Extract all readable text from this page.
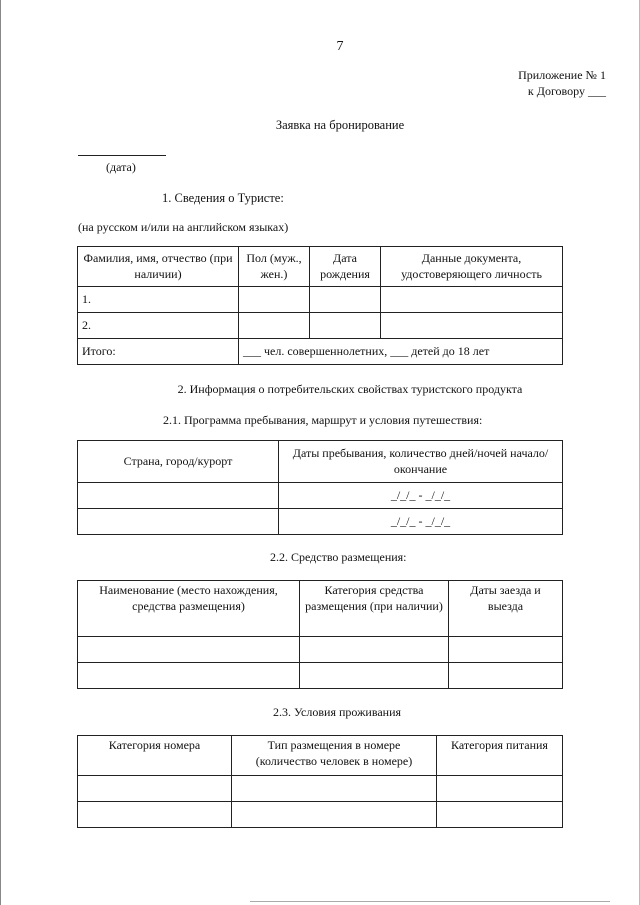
7
Приложение № 1
к Договору ___
Заявка на бронирование
(дата)
1. Сведения о Туристе:
(на русском и/или на английском языках)
Фамилия, имя, отчество (при наличии)	Пол (муж., жен.)	Дата рождения	Данные документа, удостоверяющего личность
1.			
2.			
Итого:	___ чел. совершеннолетних, ___ детей до 18 лет		
2. Информация о потребительских свойствах туристского продукта
2.1. Программа пребывания, маршрут и условия путешествия:
Страна, город/курорт	Даты пребывания, количество дней/ночей начало/окончание
	_/_/_ - _/_/_
	_/_/_ - _/_/_
2.2. Средство размещения:
Наименование (место нахождения, средства размещения)	Категория средства размещения (при наличии)	Даты заезда и выезда

2.3. Условия проживания
Категория номера	Тип размещения в номере (количество человек в номере)	Категория питания
